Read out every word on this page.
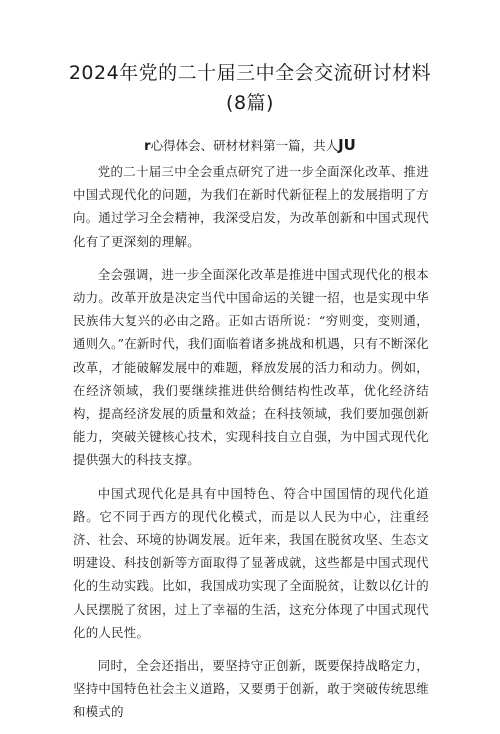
2024年党的二十届三中全会交流研讨材料
(8篇)
r心得体会、研材材料第一篇，共人JU

党的二十届三中全会重点研究了进一步全面深化改革、推进中国式现代化的问题，为我们在新时代新征程上的发展指明了方向。通过学习全会精神，我深受启发，为改革创新和中国式现代化有了更深刻的理解。

全会强调，进一步全面深化改革是推进中国式现代化的根本动力。改革开放是决定当代中国命运的关键一招，也是实现中华民族伟大复兴的必由之路。正如古语所说：“穷则变，变则通，通则久。”在新时代，我们面临着诸多挑战和机遇，只有不断深化改革，才能破解发展中的难题，释放发展的活力和动力。例如，在经济领域，我们要继续推进供给侧结构性改革，优化经济结构，提高经济发展的质量和效益；在科技领域，我们要加强创新能力，突破关键核心技术，实现科技自立自强，为中国式现代化提供强大的科技支撑。

中国式现代化是具有中国特色、符合中国国情的现代化道路。它不同于西方的现代化模式，而是以人民为中心，注重经济、社会、环境的协调发展。近年来，我国在脱贫攻坚、生态文明建设、科技创新等方面取得了显著成就，这些都是中国式现代化的生动实践。比如，我国成功实现了全面脱贫，让数以亿计的人民摆脱了贫困，过上了幸福的生活，这充分体现了中国式现代化的人民性。

同时，全会还指出，要坚持守正创新，既要保持战略定力，坚持中国特色社会主义道路，又要勇于创新，敢于突破传统思维和模式的
